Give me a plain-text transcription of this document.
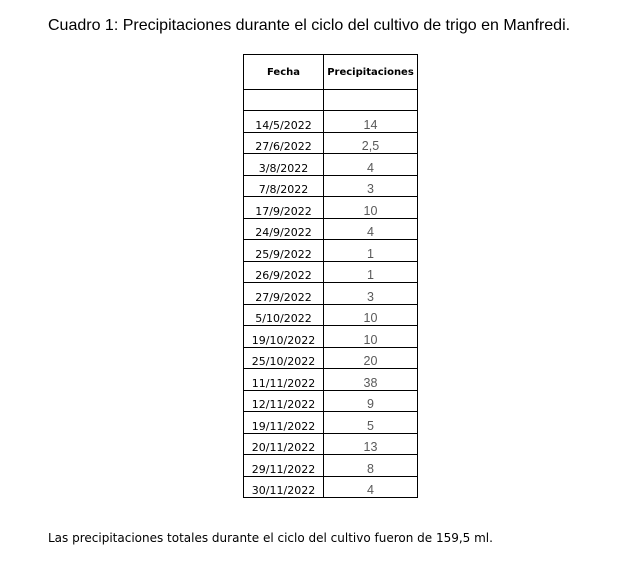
Cuadro 1: Precipitaciones durante el ciclo del cultivo de trigo en Manfredi.
Fecha	Precipitaciones

14/5/2022	14
27/6/2022	2,5
3/8/2022	4
7/8/2022	3
17/9/2022	10
24/9/2022	4
25/9/2022	1
26/9/2022	1
27/9/2022	3
5/10/2022	10
19/10/2022	10
25/10/2022	20
11/11/2022	38
12/11/2022	9
19/11/2022	5
20/11/2022	13
29/11/2022	8
30/11/2022	4
Las precipitaciones totales durante el ciclo del cultivo fueron de 159,5 ml.
